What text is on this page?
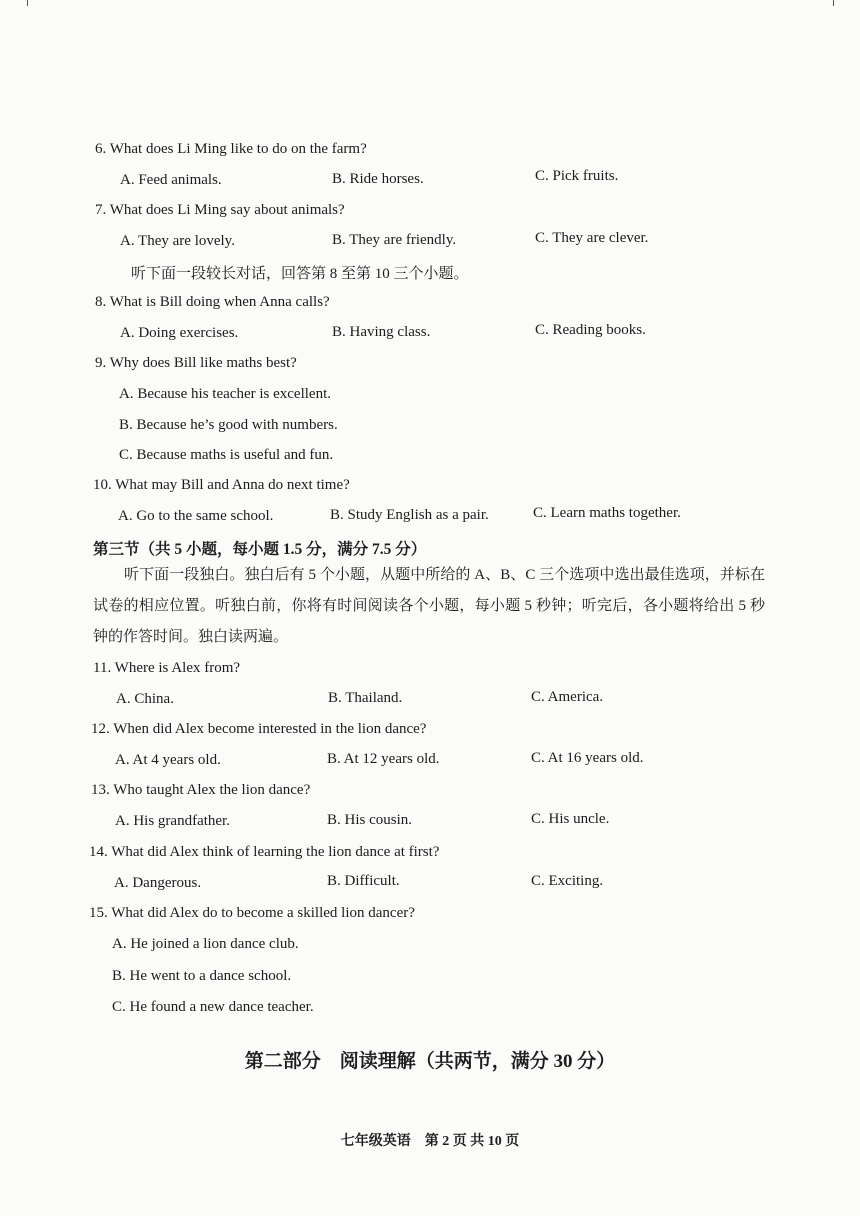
6. What does Li Ming like to do on the farm?
A. Feed animals.	B. Ride horses.	C. Pick fruits.
7. What does Li Ming say about animals?
A. They are lovely.	B. They are friendly.	C. They are clever.
听下面一段较长对话，回答第 8 至第 10 三个小题。
8. What is Bill doing when Anna calls?
A. Doing exercises.	B. Having class.	C. Reading books.
9. Why does Bill like maths best?
A. Because his teacher is excellent.
B. Because he’s good with numbers.
C. Because maths is useful and fun.
10. What may Bill and Anna do next time?
A. Go to the same school.	B. Study English as a pair.	C. Learn maths together.
第三节（共 5 小题，每小题 1.5 分，满分 7.5 分）
听下面一段独白。独白后有 5 个小题，从题中所给的 A、B、C 三个选项中选出最佳选项，并标在试卷的相应位置。听独白前，你将有时间阅读各个小题，每小题 5 秒钟；听完后，各小题将给出 5 秒钟的作答时间。独白读两遍。
11. Where is Alex from?
A. China.	B. Thailand.	C. America.
12. When did Alex become interested in the lion dance?
A. At 4 years old.	B. At 12 years old.	C. At 16 years old.
13. Who taught Alex the lion dance?
A. His grandfather.	B. His cousin.	C. His uncle.
14. What did Alex think of learning the lion dance at first?
A. Dangerous.	B. Difficult.	C. Exciting.
15. What did Alex do to become a skilled lion dancer?
A. He joined a lion dance club.
B. He went to a dance school.
C. He found a new dance teacher.
第二部分　阅读理解（共两节，满分 30 分）
七年级英语　第 2 页 共 10 页
